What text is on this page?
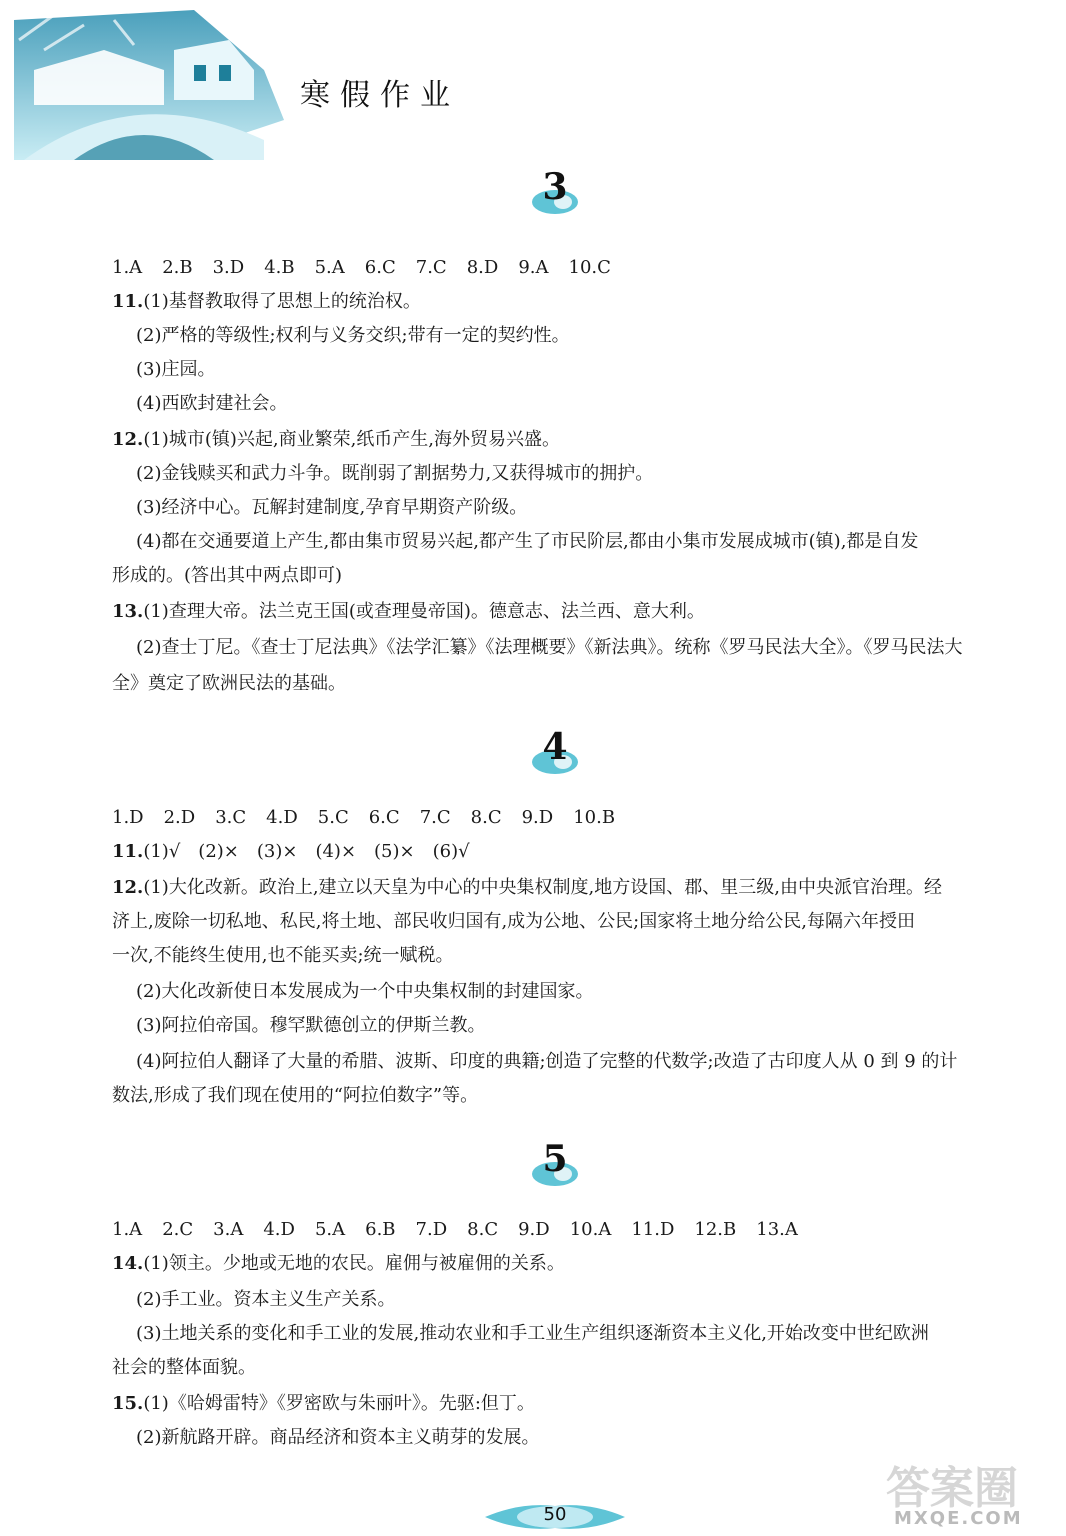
寒假作业
3
1.A 2.B 3.D 4.B 5.A 6.C 7.C 8.D 9.A 10.C
11.(1)基督教取得了思想上的统治权。
(2)严格的等级性;权利与义务交织;带有一定的契约性。
(3)庄园。
(4)西欧封建社会。
12.(1)城市(镇)兴起,商业繁荣,纸币产生,海外贸易兴盛。
(2)金钱赎买和武力斗争。既削弱了割据势力,又获得城市的拥护。
(3)经济中心。瓦解封建制度,孕育早期资产阶级。
(4)都在交通要道上产生,都由集市贸易兴起,都产生了市民阶层,都由小集市发展成城市(镇),都是自发
形成的。(答出其中两点即可)
13.(1)查理大帝。法兰克王国(或查理曼帝国)。德意志、法兰西、意大利。
(2)查士丁尼。《查士丁尼法典》《法学汇纂》《法理概要》《新法典》。统称《罗马民法大全》。《罗马民法大
全》奠定了欧洲民法的基础。
4
1.D 2.D 3.C 4.D 5.C 6.C 7.C 8.C 9.D 10.B
11.(1)√　(2)×　(3)×　(4)×　(5)×　(6)√
12.(1)大化改新。政治上,建立以天皇为中心的中央集权制度,地方设国、郡、里三级,由中央派官治理。经
济上,废除一切私地、私民,将土地、部民收归国有,成为公地、公民;国家将土地分给公民,每隔六年授田
一次,不能终生使用,也不能买卖;统一赋税。
(2)大化改新使日本发展成为一个中央集权制的封建国家。
(3)阿拉伯帝国。穆罕默德创立的伊斯兰教。
(4)阿拉伯人翻译了大量的希腊、波斯、印度的典籍;创造了完整的代数学;改造了古印度人从 0 到 9 的计
数法,形成了我们现在使用的“阿拉伯数字”等。
5
1.A 2.C 3.A 4.D 5.A 6.B 7.D 8.C 9.D 10.A 11.D 12.B 13.A
14.(1)领主。少地或无地的农民。雇佣与被雇佣的关系。
(2)手工业。资本主义生产关系。
(3)土地关系的变化和手工业的发展,推动农业和手工业生产组织逐渐资本主义化,开始改变中世纪欧洲
社会的整体面貌。
15.(1)《哈姆雷特》《罗密欧与朱丽叶》。先驱:但丁。
(2)新航路开辟。商品经济和资本主义萌芽的发展。
50
答案圈
MXQE.COM
